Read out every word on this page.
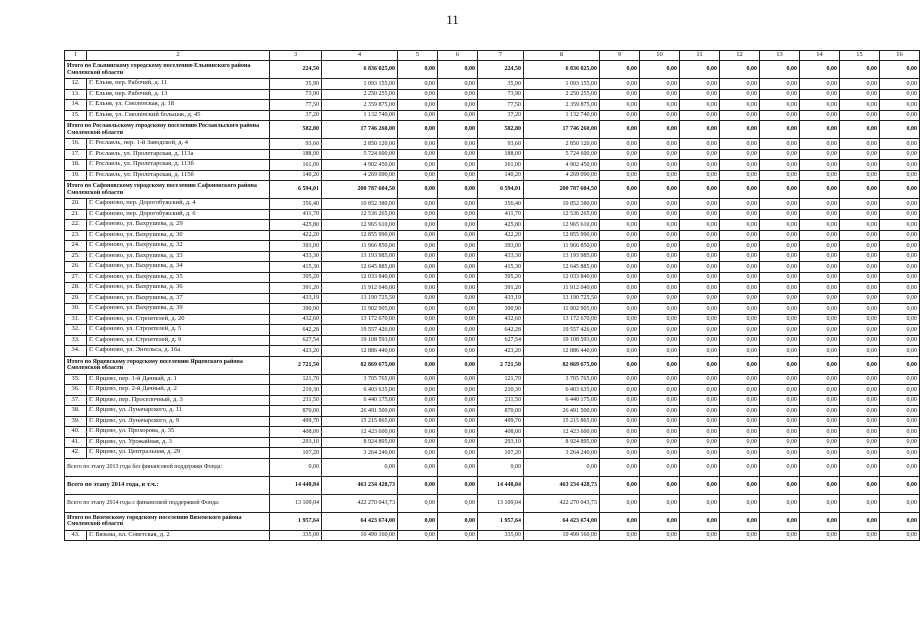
11
1	2	3	4	5	6	7	8	9	10	11	12	13	14	15	16
Итого по Ельнинскому городскому поселению Ельнинского района Смоленской области		224,50	6 836 025,00	0,00	0,00	224,50	6 836 025,00	0,00	0,00	0,00	0,00	0,00	0,00	0,00	0,00
12.	Г. Ельня, пер. Рабочий, д. 11	35,90	1 093 155,00	0,00	0,00	35,90	1 093 155,00	0,00	0,00	0,00	0,00	0,00	0,00	0,00	0,00
13.	Г. Ельня, пер. Рабочий, д. 13	73,90	2 250 255,00	0,00	0,00	73,90	2 250 255,00	0,00	0,00	0,00	0,00	0,00	0,00	0,00	0,00
14.	Г. Ельня, ул. Смоленская, д. 18	77,50	2 359 875,00	0,00	0,00	77,50	2 359 875,00	0,00	0,00	0,00	0,00	0,00	0,00	0,00	0,00
15.	Г. Ельня, ул. Смоленский большак, д. 45	37,20	1 132 740,00	0,00	0,00	37,20	1 132 740,00	0,00	0,00	0,00	0,00	0,00	0,00	0,00	0,00
Итого по Рославльскому городскому поселению Рославльского района Смоленской области		582,80	17 746 260,00	0,00	0,00	582,80	17 746 260,00	0,00	0,00	0,00	0,00	0,00	0,00	0,00	0,00
16.	Г. Рославль, пер. 1-й Заводской, д. 4	93,60	2 850 120,00	0,00	0,00	93,60	2 850 120,00	0,00	0,00	0,00	0,00	0,00	0,00	0,00	0,00
17.	Г. Рославль, ул. Пролетарская, д. 113а	188,00	5 724 600,00	0,00	0,00	188,00	5 724 600,00	0,00	0,00	0,00	0,00	0,00	0,00	0,00	0,00
18.	Г. Рославль, ул. Пролетарская, д. 113б	161,00	4 902 450,00	0,00	0,00	161,00	4 902 450,00	0,00	0,00	0,00	0,00	0,00	0,00	0,00	0,00
19.	Г. Рославль, ул. Пролетарская, д. 115б	140,20	4 269 090,00	0,00	0,00	140,20	4 269 090,00	0,00	0,00	0,00	0,00	0,00	0,00	0,00	0,00
Итого по Сафоновскому городскому поселению Сафоновского района Смоленской области		6 594,01	200 787 604,50	0,00	0,00	6 594,01	200 787 604,50	0,00	0,00	0,00	0,00	0,00	0,00	0,00	0,00
20.	Г. Сафоново, пер. Дорогобужский, д. 4	356,40	10 852 380,00	0,00	0,00	356,40	10 852 380,00	0,00	0,00	0,00	0,00	0,00	0,00	0,00	0,00
21.	Г. Сафоново, пер. Дорогобужский, д. 6	411,70	12 536 265,00	0,00	0,00	411,70	12 536 265,00	0,00	0,00	0,00	0,00	0,00	0,00	0,00	0,00
22.	Г. Сафоново, ул. Вахрушева, д. 29	425,80	12 965 610,00	0,00	0,00	425,80	12 965 610,00	0,00	0,00	0,00	0,00	0,00	0,00	0,00	0,00
23.	Г. Сафоново, ул. Вахрушева, д. 30	422,20	12 855 990,00	0,00	0,00	422,20	12 855 990,00	0,00	0,00	0,00	0,00	0,00	0,00	0,00	0,00
24.	Г. Сафоново, ул. Вахрушева, д. 32	393,00	11 966 850,00	0,00	0,00	393,00	11 966 850,00	0,00	0,00	0,00	0,00	0,00	0,00	0,00	0,00
25.	Г. Сафоново, ул. Вахрушева, д. 33	433,30	13 193 985,00	0,00	0,00	433,30	13 193 985,00	0,00	0,00	0,00	0,00	0,00	0,00	0,00	0,00
26.	Г. Сафоново, ул. Вахрушева, д. 34	415,30	12 645 885,00	0,00	0,00	415,30	12 645 885,00	0,00	0,00	0,00	0,00	0,00	0,00	0,00	0,00
27.	Г. Сафоново, ул. Вахрушева, д. 35	395,20	12 033 840,00	0,00	0,00	395,20	12 033 840,00	0,00	0,00	0,00	0,00	0,00	0,00	0,00	0,00
28.	Г. Сафоново, ул. Вахрушева, д. 36	391,20	11 912 040,00	0,00	0,00	391,20	11 912 040,00	0,00	0,00	0,00	0,00	0,00	0,00	0,00	0,00
29.	Г. Сафоново, ул. Вахрушева, д. 37	433,19	13 190 725,50	0,00	0,00	433,19	13 190 725,50	0,00	0,00	0,00	0,00	0,00	0,00	0,00	0,00
30.	Г. Сафоново, ул. Вахрушева, д. 39	390,90	11 902 905,00	0,00	0,00	390,90	11 902 905,00	0,00	0,00	0,00	0,00	0,00	0,00	0,00	0,00
31.	Г. Сафоново, ул. Строителей, д. 20	432,60	13 172 670,00	0,00	0,00	432,60	13 172 670,00	0,00	0,00	0,00	0,00	0,00	0,00	0,00	0,00
32.	Г. Сафоново, ул. Строителей, д. 5	642,28	19 557 426,00	0,00	0,00	642,28	19 557 426,00	0,00	0,00	0,00	0,00	0,00	0,00	0,00	0,00
33.	Г. Сафоново, ул. Строителей, д. 9	627,54	19 108 593,00	0,00	0,00	627,54	19 108 593,00	0,00	0,00	0,00	0,00	0,00	0,00	0,00	0,00
34.	Г. Сафоново, ул. Энгельса, д. 16а	423,20	12 886 440,00	0,00	0,00	423,20	12 886 440,00	0,00	0,00	0,00	0,00	0,00	0,00	0,00	0,00
Итого по Ярцевскому городскому поселению Ярцевского района Смоленской области		2 721,50	82 869 675,00	0,00	0,00	2 721,50	82 869 675,00	0,00	0,00	0,00	0,00	0,00	0,00	0,00	0,00
35.	Г. Ярцево, пер. 1-й Дачный, д. 1	121,70	3 705 765,00	0,00	0,00	121,70	3 705 765,00	0,00	0,00	0,00	0,00	0,00	0,00	0,00	0,00
36.	Г. Ярцево, пер. 2-й Дачный, д. 2	210,30	6 403 635,00	0,00	0,00	210,30	6 403 635,00	0,00	0,00	0,00	0,00	0,00	0,00	0,00	0,00
37.	Г. Ярцево, пер. Проселочный, д. 3	211,50	6 440 175,00	0,00	0,00	211,50	6 440 175,00	0,00	0,00	0,00	0,00	0,00	0,00	0,00	0,00
38.	Г. Ярцево, ул. Луначарского, д. 11	870,00	26 491 500,00	0,00	0,00	870,00	26 491 500,00	0,00	0,00	0,00	0,00	0,00	0,00	0,00	0,00
39.	Г. Ярцево, ул. Луначарского, д. 9	499,70	15 215 865,00	0,00	0,00	499,70	15 215 865,00	0,00	0,00	0,00	0,00	0,00	0,00	0,00	0,00
40.	Г. Ярцево, ул. Прохорова, д. 35	408,00	12 423 600,00	0,00	0,00	408,00	12 423 600,00	0,00	0,00	0,00	0,00	0,00	0,00	0,00	0,00
41.	Г. Ярцево, ул. Урожайная, д. 3	293,10	8 924 895,00	0,00	0,00	293,10	8 924 895,00	0,00	0,00	0,00	0,00	0,00	0,00	0,00	0,00
42.	Г. Ярцево, ул. Центральная, д. 29	107,20	3 264 240,00	0,00	0,00	107,20	3 264 240,00	0,00	0,00	0,00	0,00	0,00	0,00	0,00	0,00
Всего по этапу 2013 года без финансовой поддержки Фонда:		0,00	0,00	0,00	0,00	0,00	0,00	0,00	0,00	0,00	0,00	0,00	0,00	0,00	0,00
Всего по этапу 2014 года, в т.ч.:		14 448,84	463 234 428,73	0,00	0,00	14 448,84	463 234 428,73	0,00	0,00	0,00	0,00	0,00	0,00	0,00	0,00
Всего по этапу 2014 года с финансовой поддержкой Фонда:		13 109,04	422 270 043,73	0,00	0,00	13 109,04	422 270 043,73	0,00	0,00	0,00	0,00	0,00	0,00	0,00	0,00
Итого по Вяземскому городскому поселению Вяземского района Смоленской области		1 957,64	64 423 674,00	0,00	0,00	1 957,64	64 423 674,00	0,00	0,00	0,00	0,00	0,00	0,00	0,00	0,00
43.	Г. Вязьма, пл. Советская, д. 2	335,00	10 499 160,00	0,00	0,00	335,00	10 499 160,00	0,00	0,00	0,00	0,00	0,00	0,00	0,00	0,00
